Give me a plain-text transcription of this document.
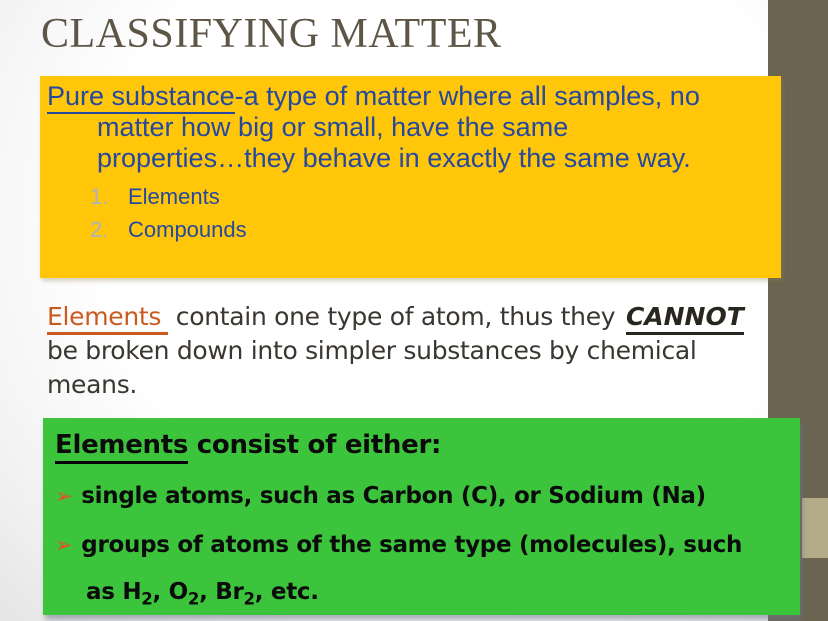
CLASSIFYING MATTER
Pure substance-a type of matter where all samples, no
matter how big or small, have the same
properties…they behave in exactly the same way.
1. Elements
2. Compounds
Elements contain one type of atom, thus they CANNOT
be broken down into simpler substances by chemical
means.
Elements consist of either:
➢ single atoms, such as Carbon (C), or Sodium (Na)
➢ groups of atoms of the same type (molecules), such
as $H_2$, $O_2$, $Br_2$, etc.
